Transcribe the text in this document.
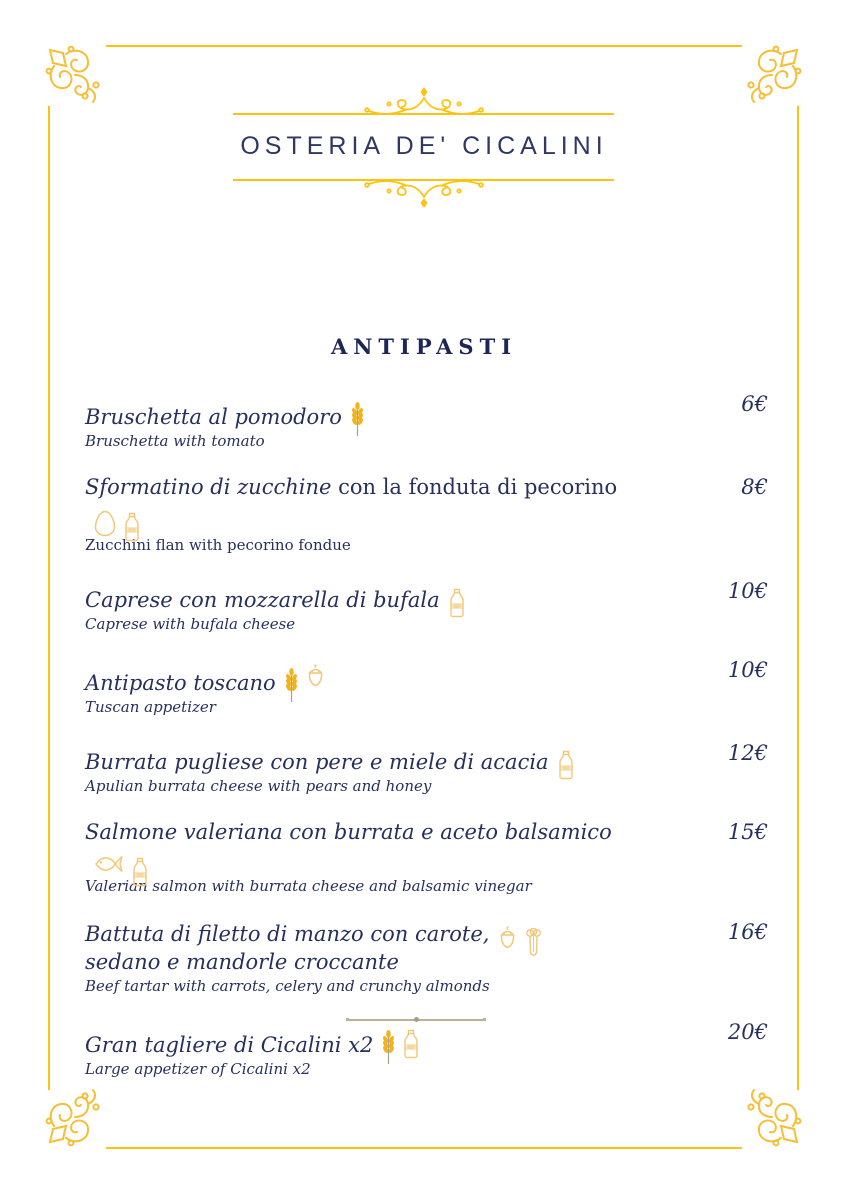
OSTERIA DE' CICALINI
ANTIPASTI
Bruschetta al pomodoro
Bruschetta with tomato
6€
Sformatino di zucchine con la fonduta di pecorino
Zucchini flan with pecorino fondue
8€
Caprese con mozzarella di bufala
Caprese with bufala cheese
10€
Antipasto toscano
Tuscan appetizer
10€
Burrata pugliese con pere e miele di acacia
Apulian burrata cheese with pears and honey
12€
Salmone valeriana con burrata e aceto balsamico
Valerian salmon with burrata cheese and balsamic vinegar
15€
Battuta di filetto di manzo con carote,
sedano e mandorle croccante
Beef tartar with carrots, celery and crunchy almonds
16€
Gran tagliere di Cicalini x2
Large appetizer of Cicalini x2
20€
